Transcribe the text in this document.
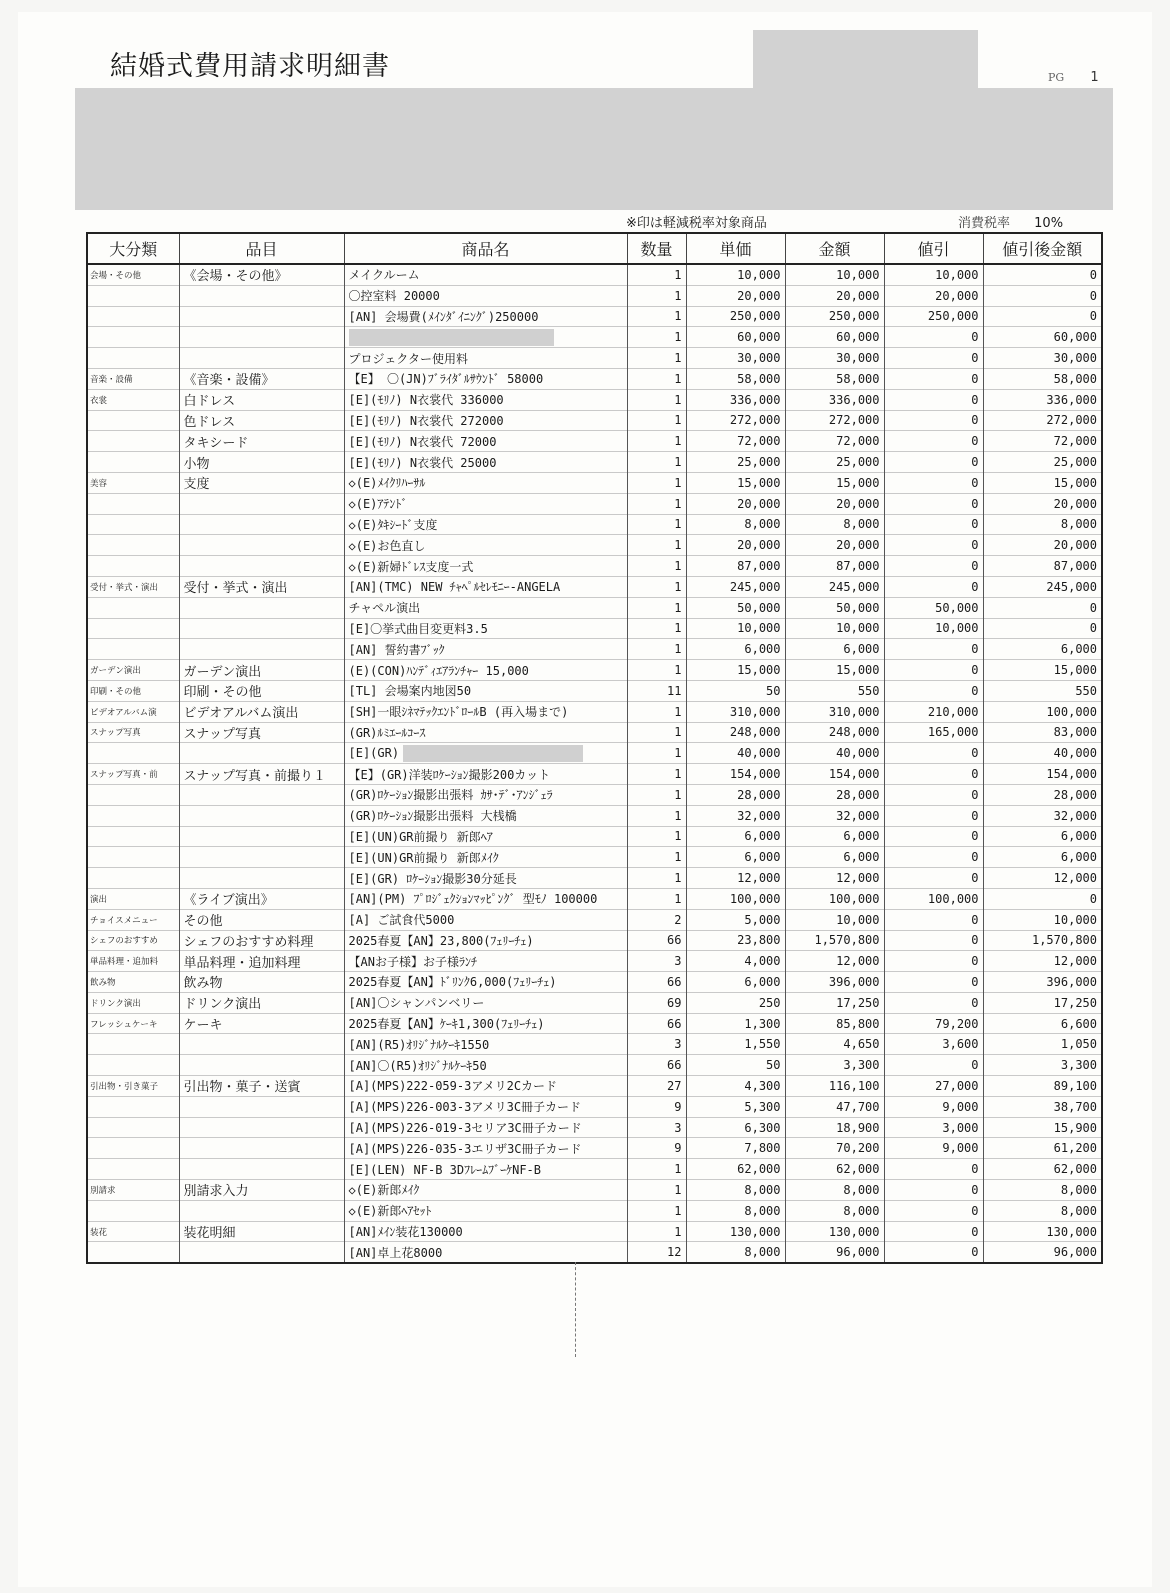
結婚式費用請求明細書	PG 1
※印は軽減税率対象商品	消費税率 10%
大分類	品目	商品名	数量	単価	金額	値引	値引後金額
会場・その他	《会場・その他》	メイクルーム	1	10,000	10,000	10,000	0
		〇控室料 20000	1	20,000	20,000	20,000	0
		[AN] 会場費(ﾒｲﾝﾀﾞｲﾆﾝｸﾞ)250000	1	250,000	250,000	250,000	0
			1	60,000	60,000	0	60,000
		プロジェクター使用料	1	30,000	30,000	0	30,000
音楽・設備	《音楽・設備》	【E】 〇(JN)ﾌﾞﾗｲﾀﾞﾙｻｳﾝﾄﾞ 58000	1	58,000	58,000	0	58,000
衣裳	白ドレス	[E](ﾓﾘﾉ) N衣裳代 336000	1	336,000	336,000	0	336,000
	色ドレス	[E](ﾓﾘﾉ) N衣裳代 272000	1	272,000	272,000	0	272,000
	タキシード	[E](ﾓﾘﾉ) N衣裳代 72000	1	72,000	72,000	0	72,000
	小物	[E](ﾓﾘﾉ) N衣裳代 25000	1	25,000	25,000	0	25,000
美容	支度	◇(E)ﾒｲｸﾘﾊｰｻﾙ	1	15,000	15,000	0	15,000
		◇(E)ｱﾃﾝﾄﾞ	1	20,000	20,000	0	20,000
		◇(E)ﾀｷｼｰﾄﾞ支度	1	8,000	8,000	0	8,000
		◇(E)お色直し	1	20,000	20,000	0	20,000
		◇(E)新婦ﾄﾞﾚｽ支度一式	1	87,000	87,000	0	87,000
受付・挙式・演出	受付・挙式・演出	[AN](TMC) NEW ﾁｬﾍﾟﾙｾﾚﾓﾆｰ-ANGELA	1	245,000	245,000	0	245,000
		チャペル演出	1	50,000	50,000	50,000	0
		[E]〇挙式曲目変更料3.5	1	10,000	10,000	10,000	0
		[AN] 誓約書ﾌﾞｯｸ	1	6,000	6,000	0	6,000
ガーデン演出	ガーデン演出	(E)(CON)ﾊﾝﾃﾞｨｴｱﾗﾝﾁｬｰ 15,000	1	15,000	15,000	0	15,000
印刷・その他	印刷・その他	[TL] 会場案内地図50	11	50	550	0	550
ビデオアルバム演	ビデオアルバム演出	[SH]一眼ｼﾈﾏﾃｯｸｴﾝﾄﾞﾛｰﾙB (再入場まで)	1	310,000	310,000	210,000	100,000
スナップ写真	スナップ写真	(GR)ﾙﾐｴｰﾙｺｰｽ	1	248,000	248,000	165,000	83,000
		[E](GR)	1	40,000	40,000	0	40,000
スナップ写真・前	スナップ写真・前撮り１	【E】(GR)洋装ﾛｹｰｼｮﾝ撮影200カット	1	154,000	154,000	0	154,000
		(GR)ﾛｹｰｼｮﾝ撮影出張料 ｶｻ･ﾃﾞ･ｱﾝｼﾞｪﾗ	1	28,000	28,000	0	28,000
		(GR)ﾛｹｰｼｮﾝ撮影出張料 大桟橋	1	32,000	32,000	0	32,000
		[E](UN)GR前撮り 新郎ﾍｱ	1	6,000	6,000	0	6,000
		[E](UN)GR前撮り 新郎ﾒｲｸ	1	6,000	6,000	0	6,000
		[E](GR) ﾛｹｰｼｮﾝ撮影30分延長	1	12,000	12,000	0	12,000
演出	《ライブ演出》	[AN](PM) ﾌﾟﾛｼﾞｪｸｼｮﾝﾏｯﾋﾟﾝｸﾞ 型ﾓﾉ 100000	1	100,000	100,000	100,000	0
チョイスメニュー	その他	[A] ご試食代5000	2	5,000	10,000	0	10,000
シェフのおすすめ	シェフのおすすめ料理	2025春夏【AN】23,800(ﾌｪﾘｰﾁｪ)	66	23,800	1,570,800	0	1,570,800
単品料理・追加料	単品料理・追加料理	【ANお子様】お子様ﾗﾝﾁ	3	4,000	12,000	0	12,000
飲み物	飲み物	2025春夏【AN】ﾄﾞﾘﾝｸ6,000(ﾌｪﾘｰﾁｪ)	66	6,000	396,000	0	396,000
ドリンク演出	ドリンク演出	[AN]〇シャンパンベリー	69	250	17,250	0	17,250
フレッシュケーキ	ケーキ	2025春夏【AN】ｹｰｷ1,300(ﾌｪﾘｰﾁｪ)	66	1,300	85,800	79,200	6,600
		[AN](R5)ｵﾘｼﾞﾅﾙｹｰｷ1550	3	1,550	4,650	3,600	1,050
		[AN]〇(R5)ｵﾘｼﾞﾅﾙｹｰｷ50	66	50	3,300	0	3,300
引出物・引き菓子	引出物・菓子・送賓	[A](MPS)222-059-3アメリ2Cカード	27	4,300	116,100	27,000	89,100
		[A](MPS)226-003-3アメリ3C冊子カード	9	5,300	47,700	9,000	38,700
		[A](MPS)226-019-3セリア3C冊子カード	3	6,300	18,900	3,000	15,900
		[A](MPS)226-035-3エリザ3C冊子カード	9	7,800	70,200	9,000	61,200
		[E](LEN) NF-B 3DﾌﾚｰﾑﾌﾞｰｹNF-B	1	62,000	62,000	0	62,000
別請求	別請求入力	◇(E)新郎ﾒｲｸ	1	8,000	8,000	0	8,000
		◇(E)新郎ﾍｱｾｯﾄ	1	8,000	8,000	0	8,000
装花	装花明細	[AN]ﾒｲﾝ装花130000	1	130,000	130,000	0	130,000
		[AN]卓上花8000	12	8,000	96,000	0	96,000
